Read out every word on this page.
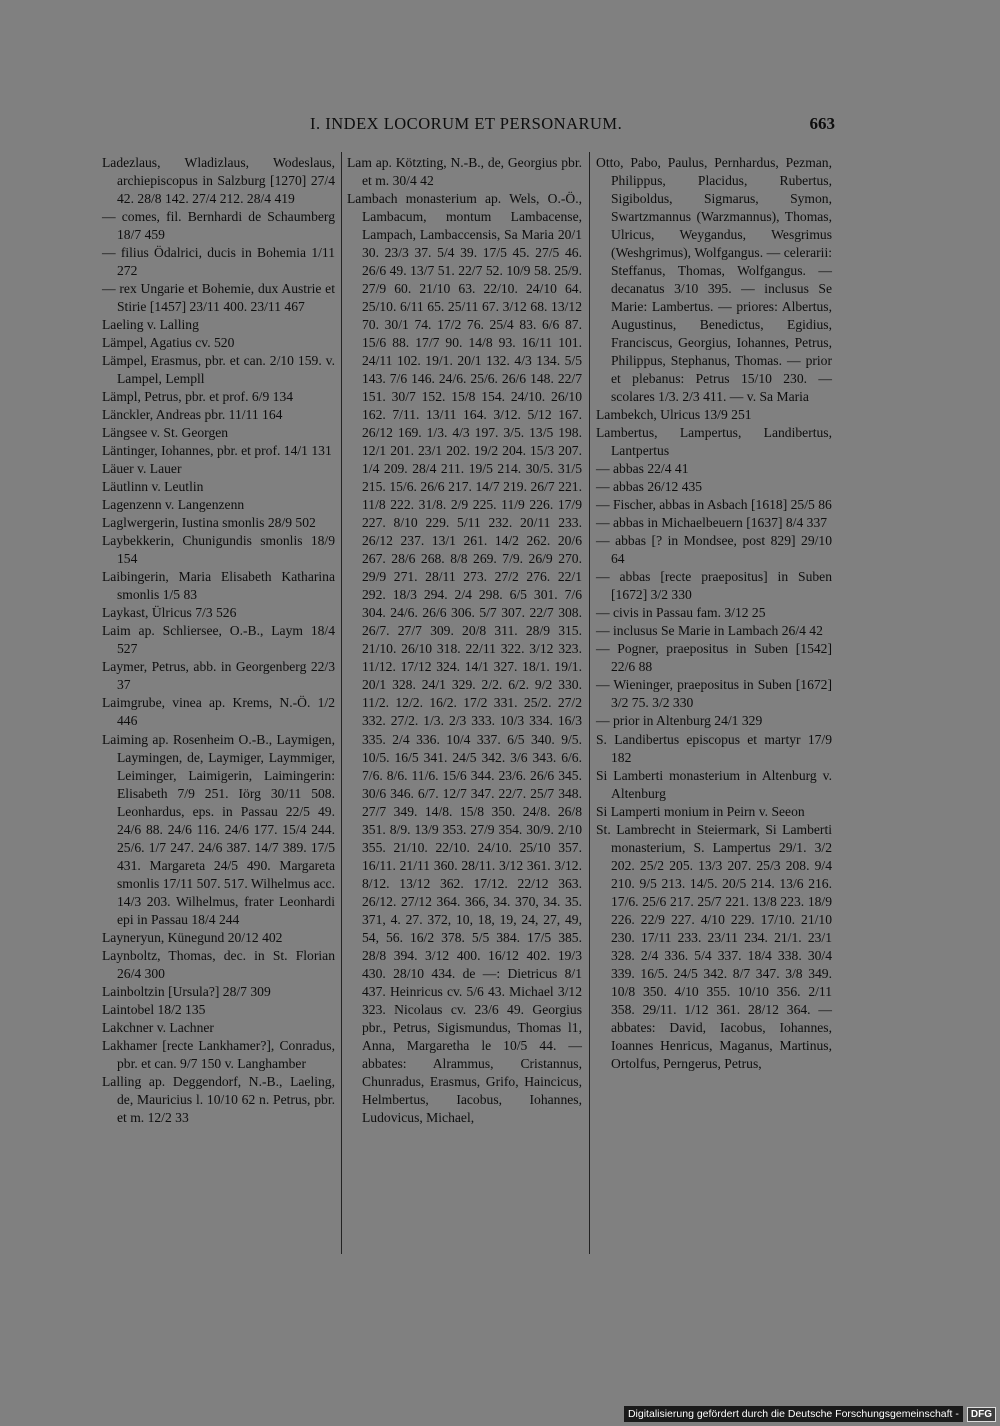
I. INDEX LOCORUM ET PERSONARUM.	663

Ladezlaus, Wladizlaus, Wodeslaus, archiepiscopus in Salzburg [1270] 27/4 42. 28/8 142. 27/4 212. 28/4 419

— comes, fil. Bernhardi de Schaumberg 18/7 459

— filius Ödalrici, ducis in Bohemia 1/11 272

— rex Ungarie et Bohemie, dux Austrie et Stirie [1457] 23/11 400. 23/11 467

Laeling v. Lalling

Lämpel, Agatius cv. 520

Lämpel, Erasmus, pbr. et can. 2/10 159. v. Lampel, Lempll

Lämpl, Petrus, pbr. et prof. 6/9 134

Länckler, Andreas pbr. 11/11 164

Längsee v. St. Georgen

Läntinger, Iohannes, pbr. et prof. 14/1 131

Läuer v. Lauer

Läutlinn v. Leutlin

Lagenzenn v. Langenzenn

Laglwergerin, Iustina smonlis 28/9 502

Laybekkerin, Chunigundis smonlis 18/9 154

Laibingerin, Maria Elisabeth Katharina smonlis 1/5 83

Laykast, Ülricus 7/3 526

Laim ap. Schliersee, O.-B., Laym 18/4 527

Laymer, Petrus, abb. in Georgenberg 22/3 37

Laimgrube, vinea ap. Krems, N.-Ö. 1/2 446

Laiming ap. Rosenheim O.-B., Laymigen, Laymingen, de, Laymiger, Laymmiger, Leiminger, Laimigerin, Laimingerin: Elisabeth 7/9 251. Iörg 30/11 508. Leonhardus, eps. in Passau 22/5 49. 24/6 88. 24/6 116. 24/6 177. 15/4 244. 25/6. 1/7 247. 24/6 387. 14/7 389. 17/5 431. Margareta 24/5 490. Margareta smonlis 17/11 507. 517. Wilhelmus acc. 14/3 203. Wilhelmus, frater Leonhardi epi in Passau 18/4 244

Layneryun, Künegund 20/12 402

Laynboltz, Thomas, dec. in St. Florian 26/4 300

Lainboltzin [Ursula?] 28/7 309

Laintobel 18/2 135

Lakchner v. Lachner

Lakhamer [recte Lankhamer?], Conradus, pbr. et can. 9/7 150 v. Langhamber

Lalling ap. Deggendorf, N.-B., Laeling, de, Mauricius l. 10/10 62 n. Petrus, pbr. et m. 12/2 33

Lam ap. Kötzting, N.-B., de, Georgius pbr. et m. 30/4 42

Lambach monasterium ap. Wels, O.-Ö., Lambacum, montum Lambacense, Lampach, Lambaccensis, Sa Maria 20/1 30. 23/3 37. 5/4 39. 17/5 45. 27/5 46. 26/6 49. 13/7 51. 22/7 52. 10/9 58. 25/9. 27/9 60. 21/10 63. 22/10. 24/10 64. 25/10. 6/11 65. 25/11 67. 3/12 68. 13/12 70. 30/1 74. 17/2 76. 25/4 83. 6/6 87. 15/6 88. 17/7 90. 14/8 93. 16/11 101. 24/11 102. 19/1. 20/1 132. 4/3 134. 5/5 143. 7/6 146. 24/6. 25/6. 26/6 148. 22/7 151. 30/7 152. 15/8 154. 24/10. 26/10 162. 7/11. 13/11 164. 3/12. 5/12 167. 26/12 169. 1/3. 4/3 197. 3/5. 13/5 198. 12/1 201. 23/1 202. 19/2 204. 15/3 207. 1/4 209. 28/4 211. 19/5 214. 30/5. 31/5 215. 15/6. 26/6 217. 14/7 219. 26/7 221. 11/8 222. 31/8. 2/9 225. 11/9 226. 17/9 227. 8/10 229. 5/11 232. 20/11 233. 26/12 237. 13/1 261. 14/2 262. 20/6 267. 28/6 268. 8/8 269. 7/9. 26/9 270. 29/9 271. 28/11 273. 27/2 276. 22/1 292. 18/3 294. 2/4 298. 6/5 301. 7/6 304. 24/6. 26/6 306. 5/7 307. 22/7 308. 26/7. 27/7 309. 20/8 311. 28/9 315. 21/10. 26/10 318. 22/11 322. 3/12 323. 11/12. 17/12 324. 14/1 327. 18/1. 19/1. 20/1 328. 24/1 329. 2/2. 6/2. 9/2 330. 11/2. 12/2. 16/2. 17/2 331. 25/2. 27/2 332. 27/2. 1/3. 2/3 333. 10/3 334. 16/3 335. 2/4 336. 10/4 337. 6/5 340. 9/5. 10/5. 16/5 341. 24/5 342. 3/6 343. 6/6. 7/6. 8/6. 11/6. 15/6 344. 23/6. 26/6 345. 30/6 346. 6/7. 12/7 347. 22/7. 25/7 348. 27/7 349. 14/8. 15/8 350. 24/8. 26/8 351. 8/9. 13/9 353. 27/9 354. 30/9. 2/10 355. 21/10. 22/10. 24/10. 25/10 357. 16/11. 21/11 360. 28/11. 3/12 361. 3/12. 8/12. 13/12 362. 17/12. 22/12 363. 26/12. 27/12 364. 366, 34. 370, 34. 35. 371, 4. 27. 372, 10, 18, 19, 24, 27, 49, 54, 56. 16/2 378. 5/5 384. 17/5 385. 28/8 394. 3/12 400. 16/12 402. 19/3 430. 28/10 434. de —: Dietricus 8/1 437. Heinricus cv. 5/6 43. Michael 3/12 323. Nicolaus cv. 23/6 49. Georgius pbr., Petrus, Sigismundus, Thomas l1, Anna, Margaretha le 10/5 44. — abbates: Alrammus, Cristannus, Chunradus, Erasmus, Grifo, Haincicus, Helmbertus, Iacobus, Iohannes, Ludovicus, Michael,

Otto, Pabo, Paulus, Pernhardus, Pezman, Philippus, Placidus, Rubertus, Sigiboldus, Sigmarus, Symon, Swartzmannus (Warzmannus), Thomas, Ulricus, Weygandus, Wesgrimus (Weshgrimus), Wolfgangus. — celerarii: Steffanus, Thomas, Wolfgangus. — decanatus 3/10 395. — inclusus Se Marie: Lambertus. — priores: Albertus, Augustinus, Benedictus, Egidius, Franciscus, Georgius, Iohannes, Petrus, Philippus, Stephanus, Thomas. — prior et plebanus: Petrus 15/10 230. — scolares 1/3. 2/3 411. — v. Sa Maria

Lambekch, Ulricus 13/9 251

Lambertus, Lampertus, Landibertus, Lantpertus

— abbas 22/4 41

— abbas 26/12 435

— Fischer, abbas in Asbach [1618] 25/5 86

— abbas in Michaelbeuern [1637] 8/4 337

— abbas [? in Mondsee, post 829] 29/10 64

— abbas [recte praepositus] in Suben [1672] 3/2 330

— civis in Passau fam. 3/12 25

— inclusus Se Marie in Lambach 26/4 42

— Pogner, praepositus in Suben [1542] 22/6 88

— Wieninger, praepositus in Suben [1672] 3/2 75. 3/2 330

— prior in Altenburg 24/1 329

S. Landibertus episcopus et martyr 17/9 182

Si Lamberti monasterium in Altenburg v. Altenburg

Si Lamperti monium in Peirn v. Seeon

St. Lambrecht in Steiermark, Si Lamberti monasterium, S. Lampertus 29/1. 3/2 202. 25/2 205. 13/3 207. 25/3 208. 9/4 210. 9/5 213. 14/5. 20/5 214. 13/6 216. 17/6. 25/6 217. 25/7 221. 13/8 223. 18/9 226. 22/9 227. 4/10 229. 17/10. 21/10 230. 17/11 233. 23/11 234. 21/1. 23/1 328. 2/4 336. 5/4 337. 18/4 338. 30/4 339. 16/5. 24/5 342. 8/7 347. 3/8 349. 10/8 350. 4/10 355. 10/10 356. 2/11 358. 29/11. 1/12 361. 28/12 364. — abbates: David, Iacobus, Iohannes, Ioannes Henricus, Maganus, Martinus, Ortolfus, Perngerus, Petrus,

Digitalisierung gefördert durch die Deutsche Forschungsgemeinschaft -	DFG
